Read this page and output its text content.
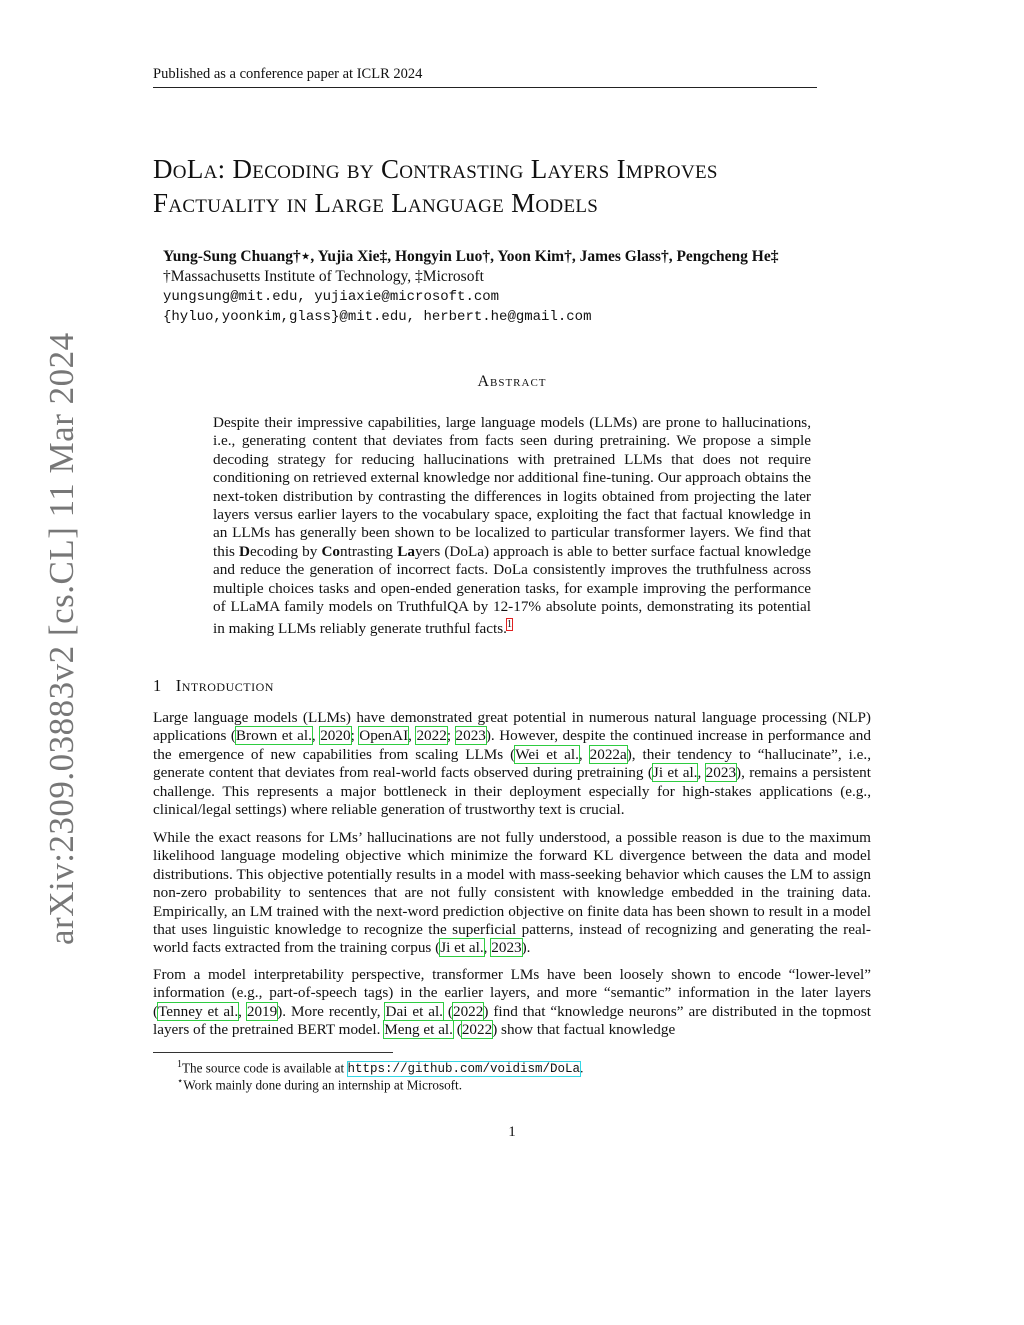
Published as a conference paper at ICLR 2024
arXiv:2309.03883v2 [cs.CL] 11 Mar 2024
DoLa: Decoding by Contrasting Layers Improves
Factuality in Large Language Models
Yung-Sung Chuang†⋆, Yujia Xie‡, Hongyin Luo†, Yoon Kim†, James Glass†, Pengcheng He‡
†Massachusetts Institute of Technology, ‡Microsoft
yungsung@mit.edu, yujiaxie@microsoft.com
{hyluo,yoonkim,glass}@mit.edu, herbert.he@gmail.com
Abstract
Despite their impressive capabilities, large language models (LLMs) are prone to hallucinations, i.e., generating content that deviates from facts seen during pretraining. We propose a simple decoding strategy for reducing hallucinations with pretrained LLMs that does not require conditioning on retrieved external knowledge nor additional fine-tuning. Our approach obtains the next-token distribution by contrasting the differences in logits obtained from projecting the later layers versus earlier layers to the vocabulary space, exploiting the fact that factual knowledge in an LLMs has generally been shown to be localized to particular transformer layers. We find that this Decoding by Contrasting Layers (DoLa) approach is able to better surface factual knowledge and reduce the generation of incorrect facts. DoLa consistently improves the truthfulness across multiple choices tasks and open-ended generation tasks, for example improving the performance of LLaMA family models on TruthfulQA by 12-17% absolute points, demonstrating its potential in making LLMs reliably generate truthful facts.$^1$
1 Introduction
Large language models (LLMs) have demonstrated great potential in numerous natural language processing (NLP) applications (Brown et al., 2020; OpenAI, 2022; 2023). However, despite the continued increase in performance and the emergence of new capabilities from scaling LLMs (Wei et al., 2022a), their tendency to “hallucinate”, i.e., generate content that deviates from real-world facts observed during pretraining (Ji et al., 2023), remains a persistent challenge. This represents a major bottleneck in their deployment especially for high-stakes applications (e.g., clinical/legal settings) where reliable generation of trustworthy text is crucial.
While the exact reasons for LMs’ hallucinations are not fully understood, a possible reason is due to the maximum likelihood language modeling objective which minimize the forward KL divergence between the data and model distributions. This objective potentially results in a model with mass-seeking behavior which causes the LM to assign non-zero probability to sentences that are not fully consistent with knowledge embedded in the training data. Empirically, an LM trained with the next-word prediction objective on finite data has been shown to result in a model that uses linguistic knowledge to recognize the superficial patterns, instead of recognizing and generating the real-world facts extracted from the training corpus (Ji et al., 2023).
From a model interpretability perspective, transformer LMs have been loosely shown to encode “lower-level” information (e.g., part-of-speech tags) in the earlier layers, and more “semantic” information in the later layers (Tenney et al., 2019). More recently, Dai et al. (2022) find that “knowledge neurons” are distributed in the topmost layers of the pretrained BERT model. Meng et al. (2022) show that factual knowledge
$^1$The source code is available at https://github.com/voidism/DoLa.
⋆Work mainly done during an internship at Microsoft.
1
